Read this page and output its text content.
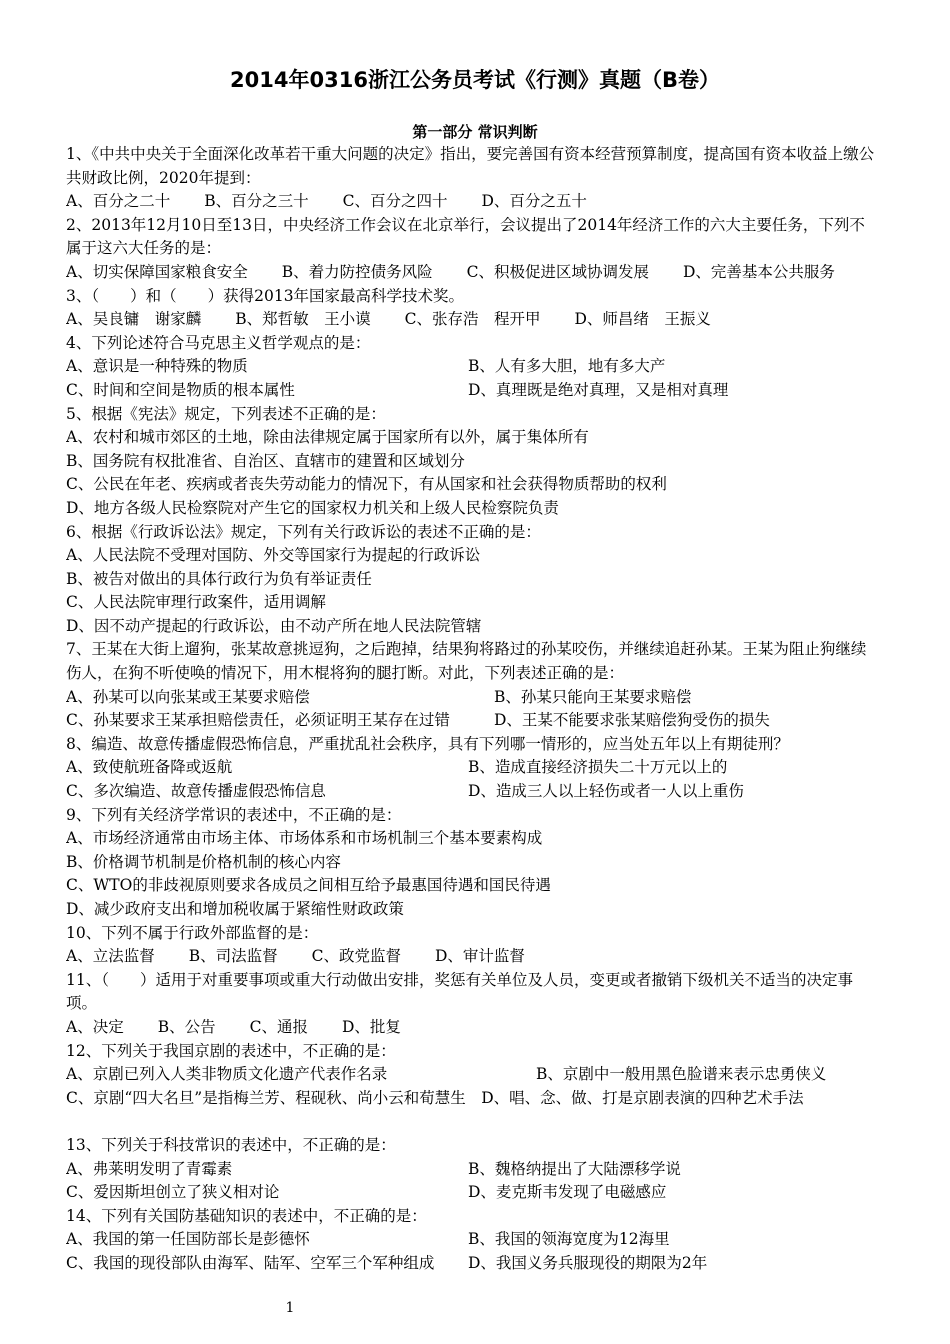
2014年0316浙江公务员考试《行测》真题（B卷）
第一部分 常识判断
1、《中共中央关于全面深化改革若干重大问题的决定》指出，要完善国有资本经营预算制度，提高国有资本收益上缴公共财政比例，2020年提到：
A、百分之二十 B、百分之三十 C、百分之四十 D、百分之五十
2、2013年12月10日至13日，中央经济工作会议在北京举行，会议提出了2014年经济工作的六大主要任务，下列不属于这六大任务的是：
A、切实保障国家粮食安全 B、着力防控债务风险 C、积极促进区域协调发展 D、完善基本公共服务
3、（　　）和（　　）获得2013年国家最高科学技术奖。
A、吴良镛　谢家麟 B、郑哲敏　王小谟 C、张存浩　程开甲 D、师昌绪　王振义
4、下列论述符合马克思主义哲学观点的是：
A、意识是一种特殊的物质	B、人有多大胆，地有多大产
C、时间和空间是物质的根本属性	D、真理既是绝对真理，又是相对真理
5、根据《宪法》规定，下列表述不正确的是：
A、农村和城市郊区的土地，除由法律规定属于国家所有以外，属于集体所有
B、国务院有权批准省、自治区、直辖市的建置和区域划分
C、公民在年老、疾病或者丧失劳动能力的情况下，有从国家和社会获得物质帮助的权利
D、地方各级人民检察院对产生它的国家权力机关和上级人民检察院负责
6、根据《行政诉讼法》规定，下列有关行政诉讼的表述不正确的是：
A、人民法院不受理对国防、外交等国家行为提起的行政诉讼
B、被告对做出的具体行政行为负有举证责任
C、人民法院审理行政案件，适用调解
D、因不动产提起的行政诉讼，由不动产所在地人民法院管辖
7、王某在大街上遛狗，张某故意挑逗狗，之后跑掉，结果狗将路过的孙某咬伤，并继续追赶孙某。王某为阻止狗继续伤人，在狗不听使唤的情况下，用木棍将狗的腿打断。对此，下列表述正确的是：
A、孙某可以向张某或王某要求赔偿	B、孙某只能向王某要求赔偿
C、孙某要求王某承担赔偿责任，必须证明王某存在过错	D、王某不能要求张某赔偿狗受伤的损失
8、编造、故意传播虚假恐怖信息，严重扰乱社会秩序，具有下列哪一情形的，应当处五年以上有期徒刑？
A、致使航班备降或返航	B、造成直接经济损失二十万元以上的
C、多次编造、故意传播虚假恐怖信息	D、造成三人以上轻伤或者一人以上重伤
9、下列有关经济学常识的表述中，不正确的是：
A、市场经济通常由市场主体、市场体系和市场机制三个基本要素构成
B、价格调节机制是价格机制的核心内容
C、WTO的非歧视原则要求各成员之间相互给予最惠国待遇和国民待遇
D、减少政府支出和增加税收属于紧缩性财政政策
10、下列不属于行政外部监督的是：
A、立法监督 B、司法监督 C、政党监督 D、审计监督
11、（　　）适用于对重要事项或重大行动做出安排，奖惩有关单位及人员，变更或者撤销下级机关不适当的决定事项。
A、决定 B、公告 C、通报 D、批复
12、下列关于我国京剧的表述中，不正确的是：
A、京剧已列入人类非物质文化遗产代表作名录	B、京剧中一般用黑色脸谱来表示忠勇侠义
C、京剧“四大名旦”是指梅兰芳、程砚秋、尚小云和荀慧生　 D、唱、念、做、打是京剧表演的四种艺术手法
13、下列关于科技常识的表述中，不正确的是：
A、弗莱明发明了青霉素	B、魏格纳提出了大陆漂移学说
C、爱因斯坦创立了狭义相对论	D、麦克斯韦发现了电磁感应
14、下列有关国防基础知识的表述中，不正确的是：
A、我国的第一任国防部长是彭德怀	B、我国的领海宽度为12海里
C、我国的现役部队由海军、陆军、空军三个军种组成	D、我国义务兵服现役的期限为2年
1
